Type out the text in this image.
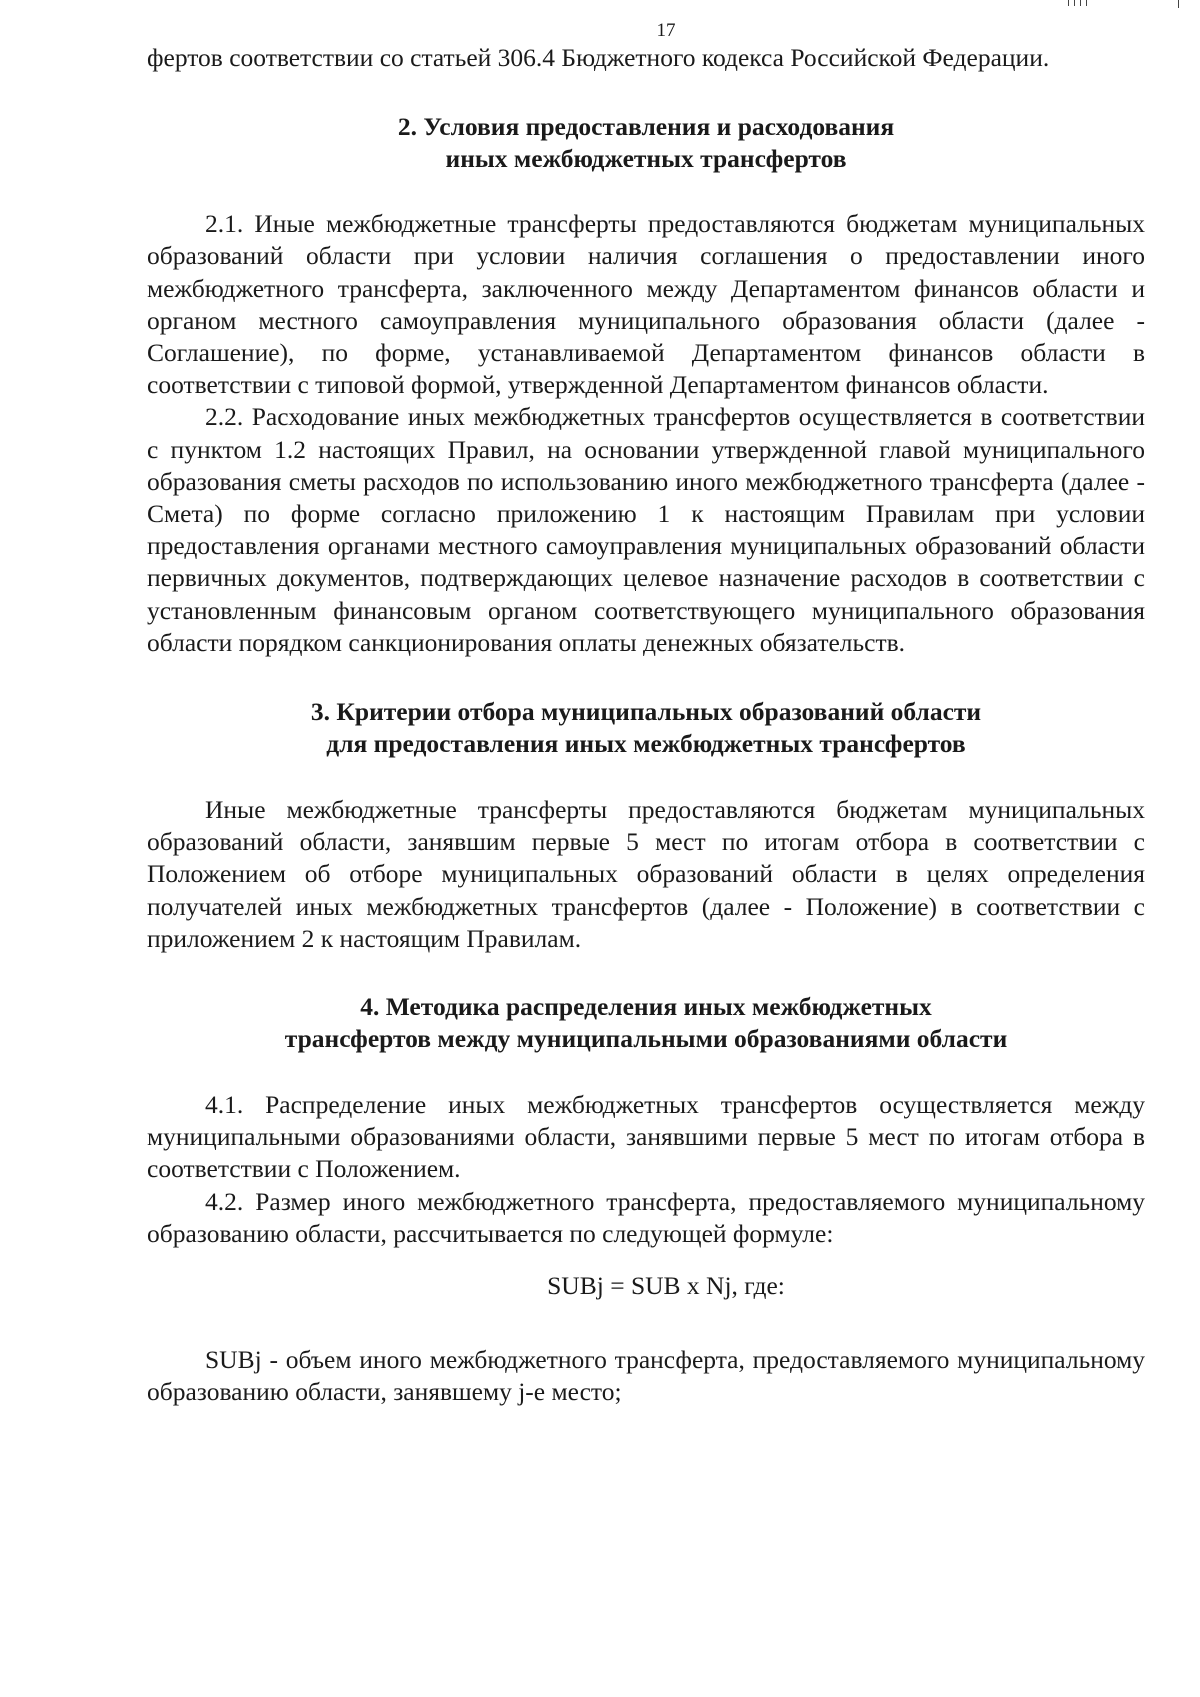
17

фертов соответствии со статьей 306.4 Бюджетного кодекса Российской Федерации.

2. Условия предоставления и расходования
иных межбюджетных трансфертов

2.1. Иные межбюджетные трансферты предоставляются бюджетам муниципальных образований области при условии наличия соглашения о предоставлении иного межбюджетного трансферта, заключенного между Департаментом финансов области и органом местного самоуправления муниципального образования области (далее - Соглашение), по форме, устанавливаемой Департаментом финансов области в соответствии с типовой формой, утвержденной Департаментом финансов области.

2.2. Расходование иных межбюджетных трансфертов осуществляется в соответствии с пунктом 1.2 настоящих Правил, на основании утвержденной главой муниципального образования сметы расходов по использованию иного межбюджетного трансферта (далее - Смета) по форме согласно приложению 1 к настоящим Правилам при условии предоставления органами местного самоуправления муниципальных образований области первичных документов, подтверждающих целевое назначение расходов в соответствии с установленным финансовым органом соответствующего муниципального образования области порядком санкционирования оплаты денежных обязательств.

3. Критерии отбора муниципальных образований области
для предоставления иных межбюджетных трансфертов

Иные межбюджетные трансферты предоставляются бюджетам муниципальных образований области, занявшим первые 5 мест по итогам отбора в соответствии с Положением об отборе муниципальных образований области в целях определения получателей иных межбюджетных трансфертов (далее - Положение) в соответствии с приложением 2 к настоящим Правилам.

4. Методика распределения иных межбюджетных
трансфертов между муниципальными образованиями области

4.1. Распределение иных межбюджетных трансфертов осуществляется между муниципальными образованиями области, занявшими первые 5 мест по итогам отбора в соответствии с Положением.

4.2. Размер иного межбюджетного трансферта, предоставляемого муниципальному образованию области, рассчитывается по следующей формуле:

SUBj = SUB x Nj, где:

SUBj - объем иного межбюджетного трансферта, предоставляемого муниципальному образованию области, занявшему j-е место;
